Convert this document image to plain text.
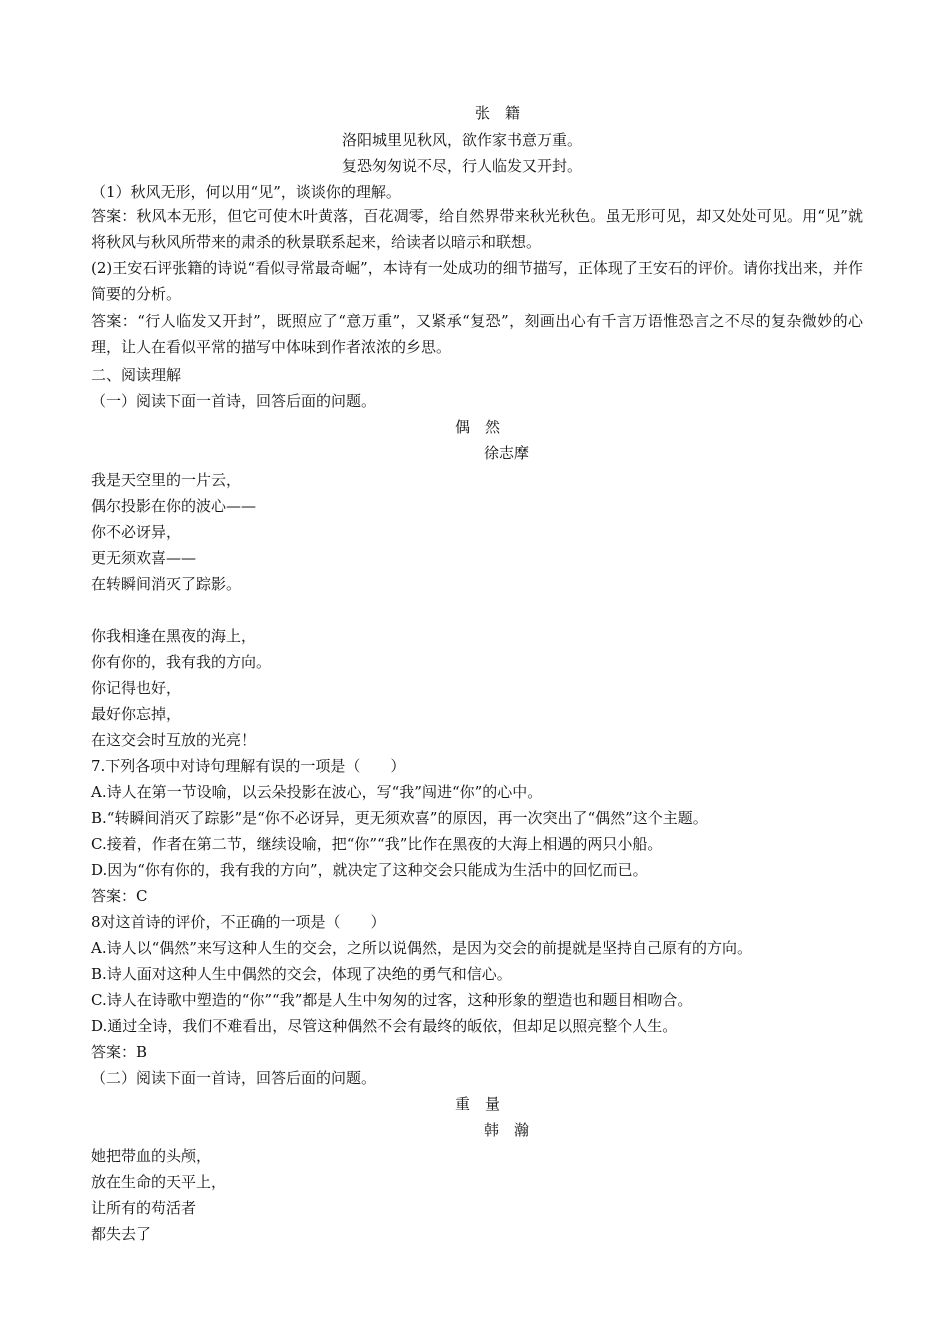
张　籍
洛阳城里见秋风，欲作家书意万重。
复恐匆匆说不尽，行人临发又开封。
（1）秋风无形，何以用“见”，谈谈你的理解。
答案：秋风本无形，但它可使木叶黄落，百花凋零，给自然界带来秋光秋色。虽无形可见，却又处处可见。用“见”就将秋风与秋风所带来的肃杀的秋景联系起来，给读者以暗示和联想。
(2)王安石评张籍的诗说“看似寻常最奇崛”，本诗有一处成功的细节描写，正体现了王安石的评价。请你找出来，并作简要的分析。
答案：“行人临发又开封”，既照应了“意万重”，又紧承“复恐”，刻画出心有千言万语惟恐言之不尽的复杂微妙的心理，让人在看似平常的描写中体味到作者浓浓的乡思。
二、阅读理解
（一）阅读下面一首诗，回答后面的问题。
偶　然
徐志摩
我是天空里的一片云，
偶尔投影在你的波心——
你不必讶异，
更无须欢喜——
在转瞬间消灭了踪影。
你我相逢在黑夜的海上，
你有你的，我有我的方向。
你记得也好，
最好你忘掉，
在这交会时互放的光亮！
7.下列各项中对诗句理解有误的一项是（　　）
A.诗人在第一节设喻，以云朵投影在波心，写“我”闯进“你”的心中。
B.“转瞬间消灭了踪影”是“你不必讶异，更无须欢喜”的原因，再一次突出了“偶然”这个主题。
C.接着，作者在第二节，继续设喻，把“你”“我”比作在黑夜的大海上相遇的两只小船。
D.因为“你有你的，我有我的方向”，就决定了这种交会只能成为生活中的回忆而已。
答案：C
8对这首诗的评价，不正确的一项是（　　）
A.诗人以“偶然”来写这种人生的交会，之所以说偶然，是因为交会的前提就是坚持自己原有的方向。
B.诗人面对这种人生中偶然的交会，体现了决绝的勇气和信心。
C.诗人在诗歌中塑造的“你”“我”都是人生中匆匆的过客，这种形象的塑造也和题目相吻合。
D.通过全诗，我们不难看出，尽管这种偶然不会有最终的皈依，但却足以照亮整个人生。
答案：B
（二）阅读下面一首诗，回答后面的问题。
重　量
韩　瀚
她把带血的头颅，
放在生命的天平上，
让所有的苟活者
都失去了
